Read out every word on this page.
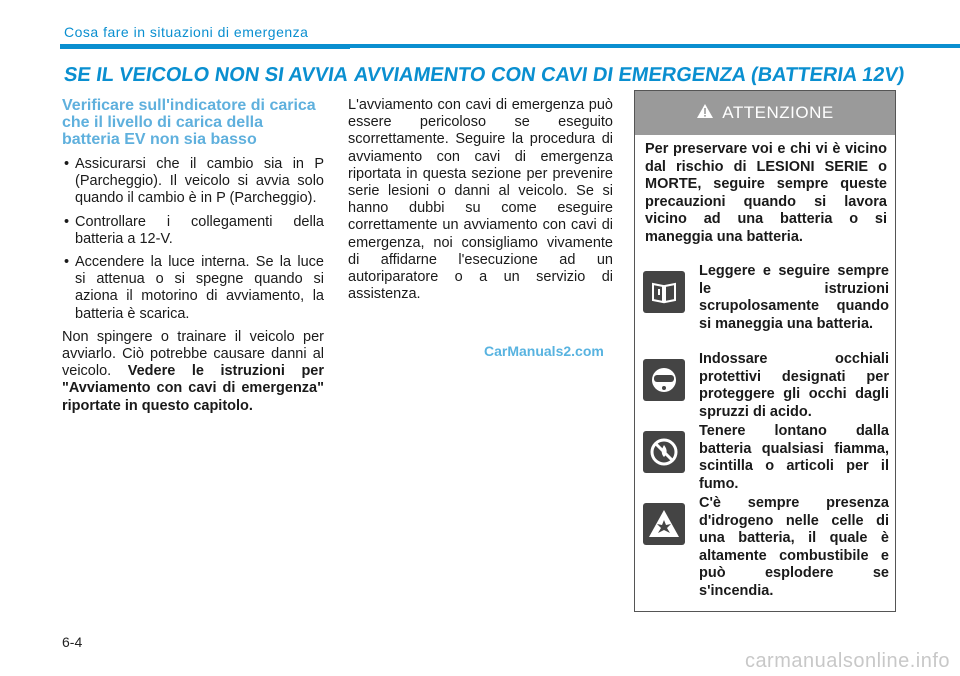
Cosa fare in situazioni di emergenza
SE IL VEICOLO NON SI AVVIA AVVIAMENTO CON CAVI DI EMERGENZA (BATTERIA 12V)
Verificare sull'indicatore di carica che il livello di carica della batteria EV non sia basso
• Assicurarsi che il cambio sia in P (Parcheggio). Il veicolo si avvia solo quando il cambio è in P (Parcheggio).
• Controllare i collegamenti della batteria a 12-V.
• Accendere la luce interna. Se la luce si attenua o si spegne quando si aziona il motorino di avviamento, la batteria è scarica.
Non spingere o trainare il veicolo per avviarlo. Ciò potrebbe causare danni al veicolo. Vedere le istruzioni per "Avviamento con cavi di emergenza" riportate in questo capitolo.
L'avviamento con cavi di emergenza può essere pericoloso se eseguito scorrettamente. Seguire la procedura di avviamento con cavi di emergenza riportata in questa sezione per prevenire serie lesioni o danni al veicolo. Se si hanno dubbi su come eseguire correttamente un avviamento con cavi di emergenza, noi consigliamo vivamente di affidarne l'esecuzione ad un autoriparatore o a un servizio di assistenza.
ATTENZIONE
Per preservare voi e chi vi è vicino dal rischio di LESIONI SERIE o MORTE, seguire sempre queste precauzioni quando si lavora vicino ad una batteria o si maneggia una batteria.
Leggere e seguire sempre le istruzioni scrupolosamente quando si maneggia una batteria.
Indossare occhiali protettivi designati per proteggere gli occhi dagli spruzzi di acido.
Tenere lontano dalla batteria qualsiasi fiamma, scintilla o articoli per il fumo.
C'è sempre presenza d'idrogeno nelle celle di una batteria, il quale è altamente combustibile e può esplodere se s'incendia.
CarManuals2.com
6-4
carmanualsonline.info
